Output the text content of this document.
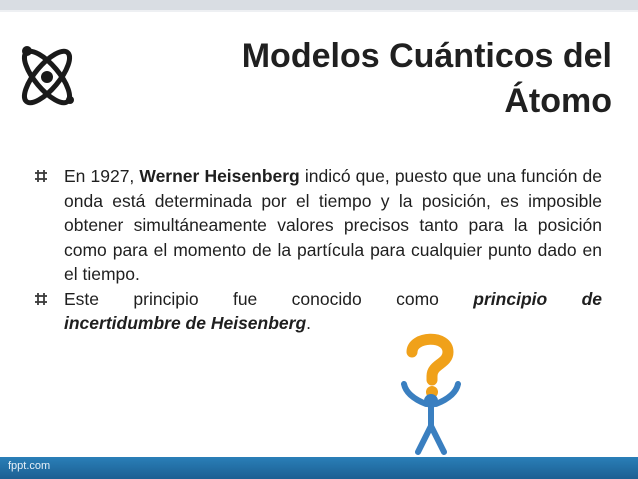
Modelos Cuánticos del
Átomo
En 1927, Werner Heisenberg indicó que, puesto que una función de onda está determinada por el tiempo y la posición, es imposible obtener simultáneamente valores precisos tanto para la posición como para el momento de la partícula para cualquier punto dado en el tiempo.
Este principio fue conocido como principio de
incertidumbre de Heisenberg.
fppt.com
